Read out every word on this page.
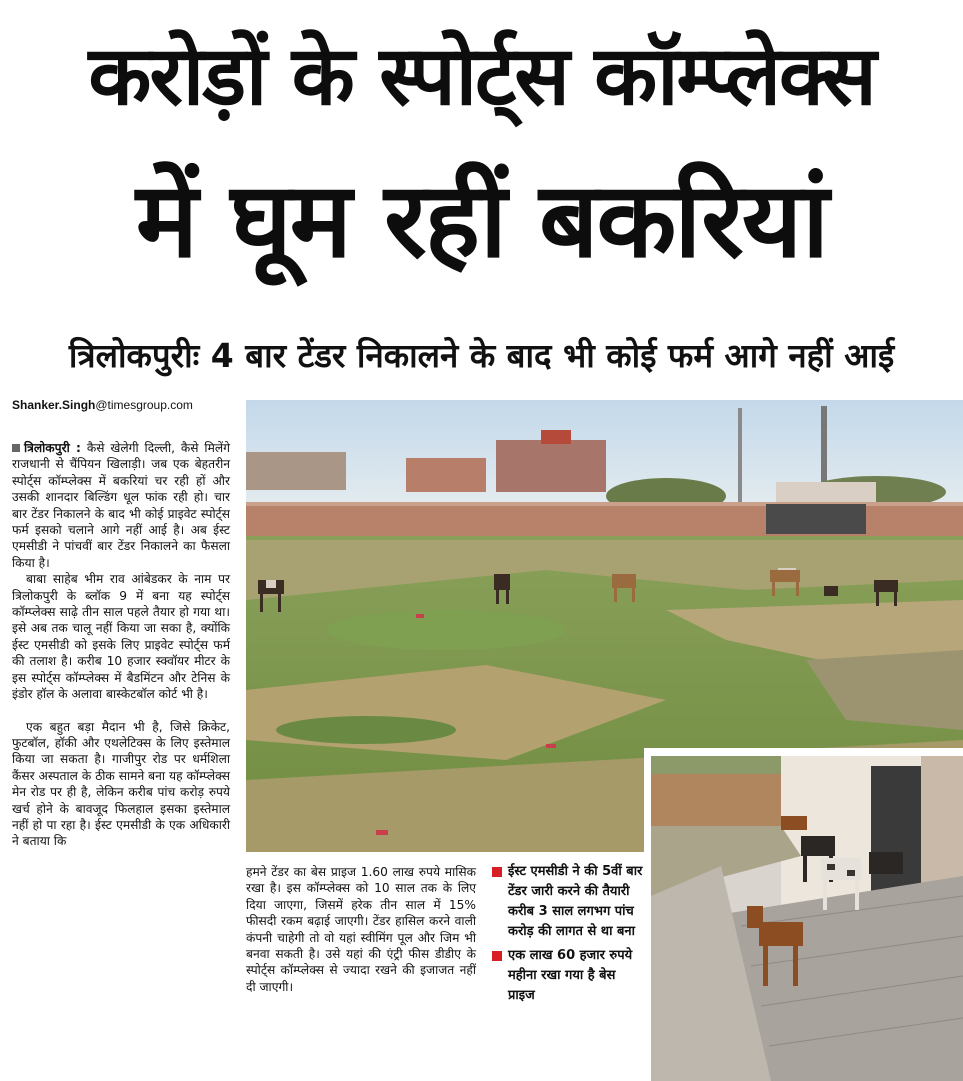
करोड़ों के स्पोर्ट्स कॉम्प्लेक्स
में घूम रहीं बकरियां
त्रिलोकपुरीः 4 बार टेंडर निकालने के बाद भी कोई फर्म आगे नहीं आई
Shanker.Singh@timesgroup.com

त्रिलोकपुरी : कैसे खेलेगी दिल्ली, कैसे मिलेंगे राजधानी से चैंपियन खिलाड़ी। जब एक बेहतरीन स्पोर्ट्स कॉम्प्लेक्स में बकरियां चर रही हों और उसकी शानदार बिल्डिंग धूल फांक रही हो। चार बार टेंडर निकालने के बाद भी कोई प्राइवेट स्पोर्ट्स फर्म इसको चलाने आगे नहीं आई है। अब ईस्ट एमसीडी ने पांचवीं बार टेंडर निकालने का फैसला किया है।

बाबा साहेब भीम राव आंबेडकर के नाम पर त्रिलोकपुरी के ब्लॉक 9 में बना यह स्पोर्ट्स कॉम्प्लेक्स साढ़े तीन साल पहले तैयार हो गया था। इसे अब तक चालू नहीं किया जा सका है, क्योंकि ईस्ट एमसीडी को इसके लिए प्राइवेट स्पोर्ट्स फर्म की तलाश है। करीब 10 हजार स्क्वॉयर मीटर के इस स्पोर्ट्स कॉम्प्लेक्स में बैडमिंटन और टेनिस के इंडोर हॉल के अलावा बास्केटबॉल कोर्ट भी है।

एक बहुत बड़ा मैदान भी है, जिसे क्रिकेट, फुटबॉल, हॉकी और एथलेटिक्स के लिए इस्तेमाल किया जा सकता है। गाजीपुर रोड पर धर्मशिला कैंसर अस्पताल के ठीक सामने बना यह कॉम्प्लेक्स मेन रोड पर ही है, लेकिन करीब पांच करोड़ रुपये खर्च होने के बावजूद फिलहाल इसका इस्तेमाल नहीं हो पा रहा है। ईस्ट एमसीडी के एक अधिकारी ने बताया कि

हमने टेंडर का बेस प्राइज 1.60 लाख रुपये मासिक रखा है। इस कॉम्प्लेक्स को 10 साल तक के लिए दिया जाएगा, जिसमें हरेक तीन साल में 15% फीसदी रकम बढ़ाई जाएगी। टेंडर हासिल करने वाली कंपनी चाहेगी तो वो यहां स्वीमिंग पूल और जिम भी बनवा सकती है। उसे यहां की एंट्री फीस डीडीए के स्पोर्ट्स कॉम्प्लेक्स से ज्यादा रखने की इजाजत नहीं दी जाएगी।

ईस्ट एमसीडी ने की 5वीं बार टेंडर जारी करने की तैयारी करीब 3 साल लगभग पांच करोड़ की लागत से था बना
एक लाख 60 हजार रुपये महीना रखा गया है बेस प्राइज
